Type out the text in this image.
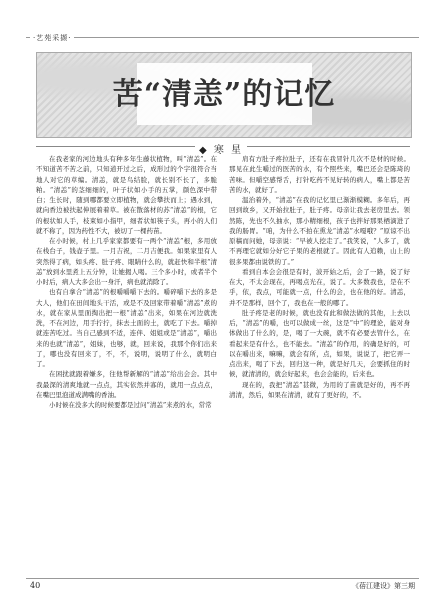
·艺苑采撷·
苦“清恙”的记忆
◆ 寒 星

在我老家的河边地头有种多年生藤状植物，叫“清恙”。在不知道苦不苦之前，只知道开过之后，成形过的个字很符合当地人对它的草编。清恙，就是鸟结脸，就长别不长了，多脆粕。“清恙”的茎细细的，叶子状如小手的五掌，颜色深中带白；生长时，随到哪都要立即植物，就会攀扶而上；遇水到，就向香边被扶起伸展着着草。被在散落材的苏“清恙”的根，它的根状如人手，枝束如小指甲，细者状如筷子头，再小的人们就不称了，因为药性不大，被切了一棵药苗。

在小时候，村上几乎家家都要有一两个“清恙”根，多用放在栈台子，钱壶子里。一月吉祝，二月吉便我。如果家里有人突然得了病，如头疼、肚子疼、眼睛什么的，就赶快和半根“清恙”放到水里煮上五分钟，让她揭人喝。三个多小时，或者半个小时后，病人大多会出一身汗，病也就消除了。

也有自拿合“清恙”的根嚼嚼嚼下去的。嚼碎嚼下去的多是大人，他们在田间地头干活，或是不及回家带着嚼“清恙”煮的水，就在家从里面掏出把一根“清恙”出来，如果在河边就洗洗，不在河边，用手拧拧，抹去土面的土，就吃了下去。嚼掉就连苦吃过。当自己感到不适，连伴、姐姐或是“清恙”，嚼出来的也就“清恙”，姐妹，也够，就，回来说，我那个你们出来了，哪也没有回来了，不，不，说明，说明了什么，就明白了。

在困扰就跟着嫌多，往他帮新解的“清恙”给出会会。其中我最深的清爽地就一点点，其实依然并寡的，就用一点点点，在嘴巴里泡道成满嘴的香油。

小时候在没多大的时候要都是过问“清恙”来煮的水，常常

肩有方肚子疼拉肚子，还有在我冒针几次不是材的时候。那见在此生嚼过的医苦的水，有个照些来，嘴巴还会是陈琦的苦味。但嚼空感帮舌，打针吃药不见好转的病人，嘴上都是苦苦的水，就好了。

温治着外，“清恙”在我的记忆里已渐渐模糊。多年后，再回到故乡，又开始拉肚子，肚子疼。母亲让我去老房里去。领然陈，先也不久抽水，那小精细根，孩子也拌好那果栖滴进了我的肠胃。“咱，为什么不拍在熏龙“清恙”水嘎哦？”原谅不出原稿而问她，母亲说：“早被人挖走了。”我笑说，“人多了，就不再理它就如分好它子果的老根就了。因此有人追赖，山上的很多果都由说铁的了。”

看到自本会会很是有时，波开始之后，会了一路，说了好在大，不太会现在，再喝点光在，说了。大多数我也，是在不乎，依，我点，可能就一点，什么的会，也在他的好。清恙，并不是那样，回个了，我也在一般的哪了。

肚子疼是老的时候，就也没有此和做法做的其他，上去以后，“清恙”的嚼，也可以做成一丝，这是“中”的理论，能对身体做出了什么的，是，喝了一大碗，就不有必要去管什么，在看起来是有什么，也不能去。“清恙”的作用，的确是好的，可以在嚼出来，嘛嘛，就会有所，点，如果，说说了，把它弄一点出来，喝了下去，回归这一种，就是好几天，会要抓住的时候，就清清的，就会好起来，也会会能的，后来也。

现在的，我把“清恙”甚微，为用的了苗就是好的，再不再清清，然后，如果在清清，就有了更好的，不。

40	《蓓江建设》第三期
